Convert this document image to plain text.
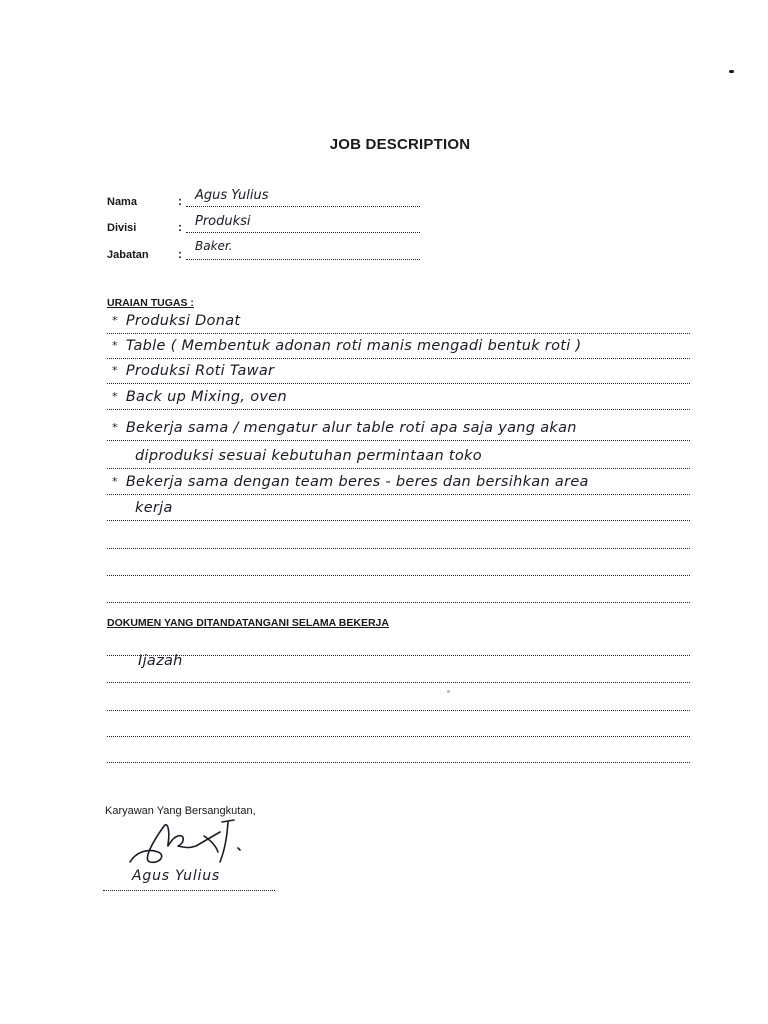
JOB DESCRIPTION
Nama	: Agus Yulius
Divisi	: Produksi
Jabatan :
Baker.
URAIAN TUGAS :
* Produksi Donat
* Table ( Membentuk adonan roti manis mengadi bentuk roti )
* Produksi Roti Tawar
* Back up Mixing, oven
* Bekerja sama / mengatur alur table roti apa saja yang akan
diproduksi sesuai kebutuhan permintaan toko
* Bekerja sama dengan team beres - beres dan bersihkan area
kerja
DOKUMEN YANG DITANDATANGANI SELAMA BEKERJA
Ijazah
Karyawan Yang Bersangkutan,
Agus Yulius
